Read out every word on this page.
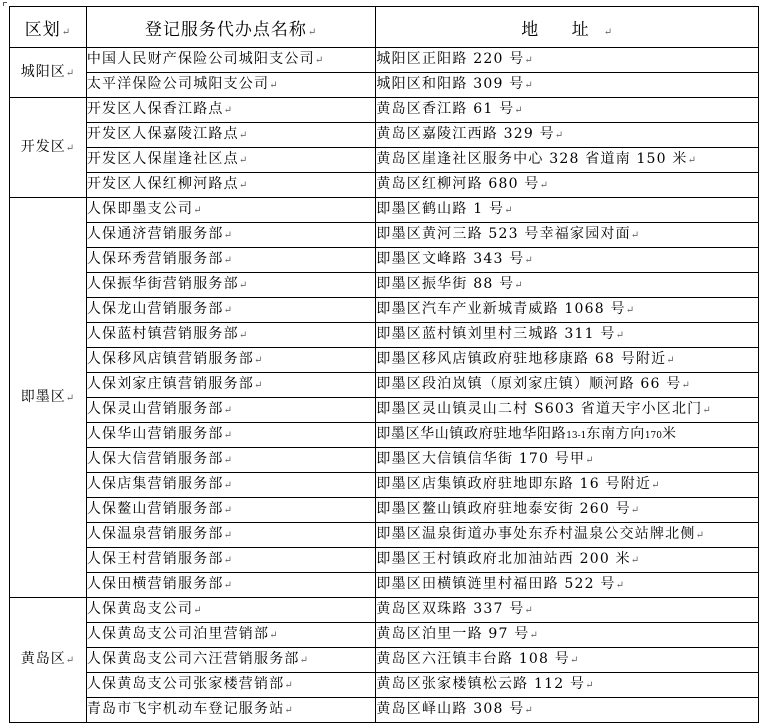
区划↵	登记服务代办点名称↵	地 址↵
城阳区↵	中国人民财产保险公司城阳支公司↵	城阳区正阳路 220 号↵
	太平洋保险公司城阳支公司↵	城阳区和阳路 309 号↵
开发区↵	开发区人保香江路点↵	黄岛区香江路 61 号↵
	开发区人保嘉陵江路点↵	黄岛区嘉陵江西路 329 号↵
	开发区人保崖逢社区点↵	黄岛区崖逢社区服务中心 328 省道南 150 米↵
	开发区人保红柳河路点↵	黄岛区红柳河路 680 号↵
即墨区↵	人保即墨支公司↵	即墨区鹤山路 1 号↵
	人保通济营销服务部↵	即墨区黄河三路 523 号幸福家园对面↵
	人保环秀营销服务部↵	即墨区文峰路 343 号↵
	人保振华街营销服务部↵	即墨区振华街 88 号↵
	人保龙山营销服务部↵	即墨区汽车产业新城青威路 1068 号↵
	人保蓝村镇营销服务部↵	即墨区蓝村镇刘里村三城路 311 号↵
	人保移风店镇营销服务部↵	即墨区移风店镇政府驻地移康路 68 号附近↵
	人保刘家庄镇营销服务部↵	即墨区段泊岚镇（原刘家庄镇）顺河路 66 号↵
	人保灵山营销服务部↵	即墨区灵山镇灵山二村 S603 省道天宇小区北门↵
	人保华山营销服务部↵	即墨区华山镇政府驻地华阳路13-1东南方向170米
	人保大信营销服务部↵	即墨区大信镇信华街 170 号甲↵
	人保店集营销服务部↵	即墨区店集镇政府驻地即东路 16 号附近↵
	人保鳌山营销服务部↵	即墨区鳌山镇政府驻地泰安街 260 号↵
	人保温泉营销服务部↵	即墨区温泉街道办事处东乔村温泉公交站牌北侧↵
	人保王村营销服务部↵	即墨区王村镇政府北加油站西 200 米↵
	人保田横营销服务部↵	即墨区田横镇涟里村福田路 522 号↵
黄岛区↵	人保黄岛支公司↵	黄岛区双珠路 337 号↵
	人保黄岛支公司泊里营销部↵	黄岛区泊里一路 97 号↵
	人保黄岛支公司六汪营销服务部↵	黄岛区六汪镇丰台路 108 号↵
	人保黄岛支公司张家楼营销部↵	黄岛区张家楼镇松云路 112 号↵
	青岛市飞宇机动车登记服务站↵	黄岛区峄山路 308 号↵
